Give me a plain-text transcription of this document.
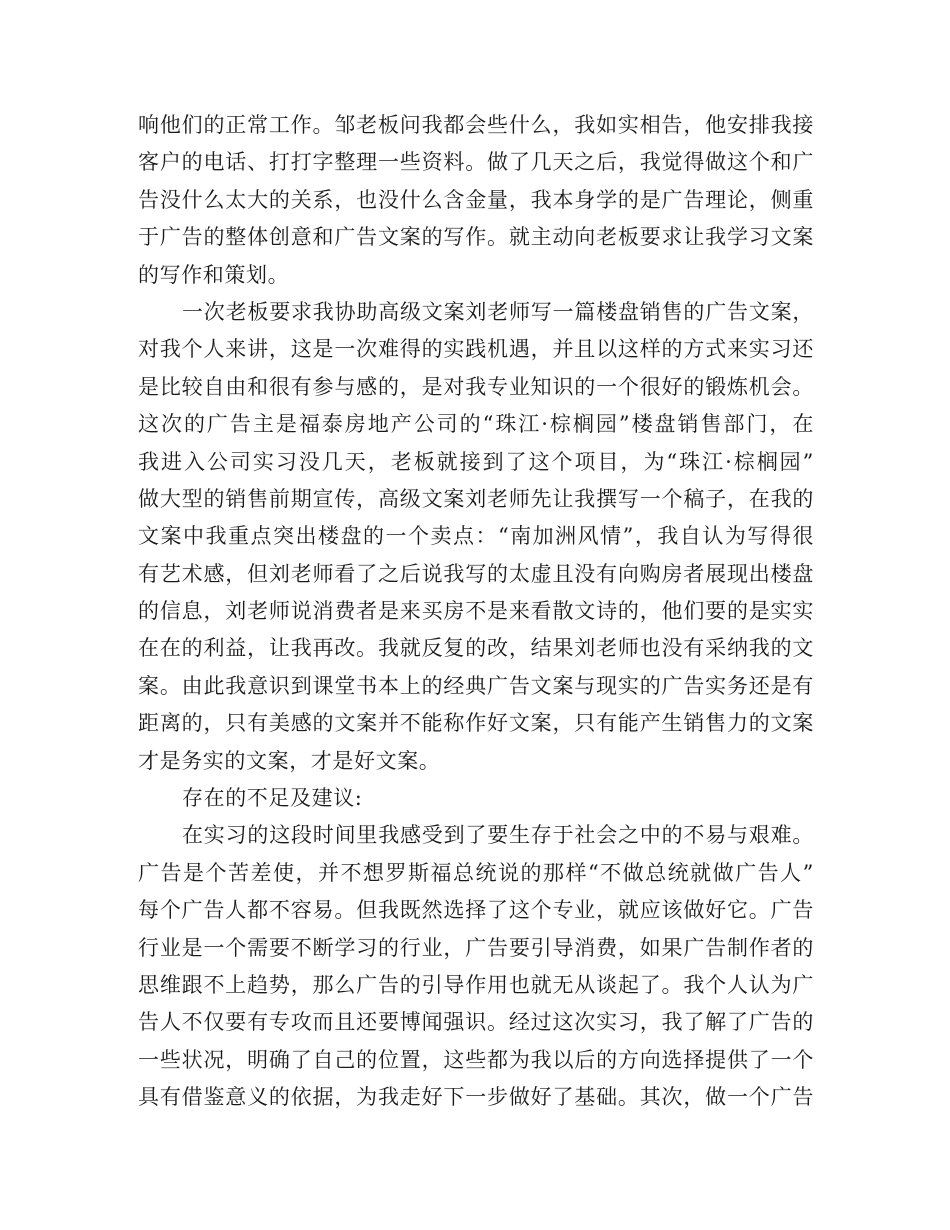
响他们的正常工作。邹老板问我都会些什么，我如实相告，他安排我接
客户的电话、打打字整理一些资料。做了几天之后，我觉得做这个和广
告没什么太大的关系，也没什么含金量，我本身学的是广告理论，侧重
于广告的整体创意和广告文案的写作。就主动向老板要求让我学习文案
的写作和策划。
一次老板要求我协助高级文案刘老师写一篇楼盘销售的广告文案，
对我个人来讲，这是一次难得的实践机遇，并且以这样的方式来实习还
是比较自由和很有参与感的，是对我专业知识的一个很好的锻炼机会。
这次的广告主是福泰房地产公司的“珠江·棕榈园”楼盘销售部门，在
我进入公司实习没几天，老板就接到了这个项目，为“珠江·棕榈园”
做大型的销售前期宣传，高级文案刘老师先让我撰写一个稿子，在我的
文案中我重点突出楼盘的一个卖点：“南加洲风情”，我自认为写得很
有艺术感，但刘老师看了之后说我写的太虚且没有向购房者展现出楼盘
的信息，刘老师说消费者是来买房不是来看散文诗的，他们要的是实实
在在的利益，让我再改。我就反复的改，结果刘老师也没有采纳我的文
案。由此我意识到课堂书本上的经典广告文案与现实的广告实务还是有
距离的，只有美感的文案并不能称作好文案，只有能产生销售力的文案
才是务实的文案，才是好文案。
存在的不足及建议:
在实习的这段时间里我感受到了要生存于社会之中的不易与艰难。
广告是个苦差使，并不想罗斯福总统说的那样“不做总统就做广告人”
每个广告人都不容易。但我既然选择了这个专业，就应该做好它。广告
行业是一个需要不断学习的行业，广告要引导消费，如果广告制作者的
思维跟不上趋势，那么广告的引导作用也就无从谈起了。我个人认为广
告人不仅要有专攻而且还要博闻强识。经过这次实习，我了解了广告的
一些状况，明确了自己的位置，这些都为我以后的方向选择提供了一个
具有借鉴意义的依据，为我走好下一步做好了基础。其次，做一个广告
